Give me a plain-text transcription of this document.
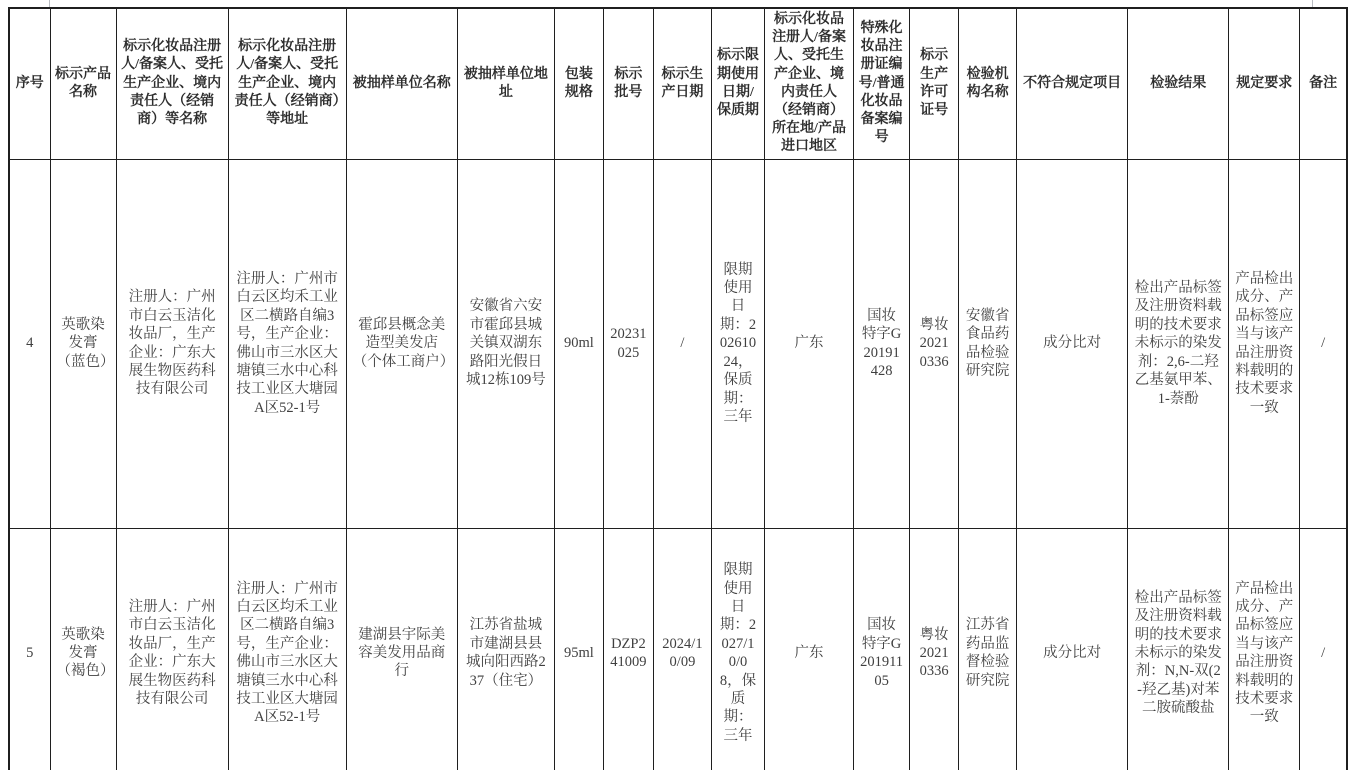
序号	标示产品名称	标示化妆品注册人/备案人、受托生产企业、境内责任人（经销商）等名称	标示化妆品注册人/备案人、受托生产企业、境内责任人（经销商）等地址	被抽样单位名称	被抽样单位地址	包装规格	标示批号	标示生产日期	标示限期使用日期/保质期	标示化妆品注册人/备案人、受托生产企业、境内责任人（经销商）所在地/产品进口地区	特殊化妆品注册证编号/普通化妆品备案编号	标示生产许可证号	检验机构名称	不符合规定项目	检验结果	规定要求	备注
4	英歌染发膏（蓝色）	注册人：广州市白云玉洁化妆品厂，生产企业：广东大展生物医药科技有限公司	注册人：广州市白云区均禾工业区二横路自编3号，生产企业：佛山市三水区大塘镇三水中心科技工业区大塘园A区52-1号	霍邱县概念美造型美发店（个体工商户）	安徽省六安市霍邱县城关镇双湖东路阳光假日城12栋109号	90ml	20231025	/	限期使用日期：20261024，保质期：三年	广东	国妆特字G20191428	粤妆20210336	安徽省食品药品检验研究院	成分比对	检出产品标签及注册资料载明的技术要求未标示的染发剂：2,6-二羟乙基氨甲苯、1-萘酚	产品检出成分、产品标签应当与该产品注册资料载明的技术要求一致	/
5	英歌染发膏（褐色）	注册人：广州市白云玉洁化妆品厂，生产企业：广东大展生物医药科技有限公司	注册人：广州市白云区均禾工业区二横路自编3号，生产企业：佛山市三水区大塘镇三水中心科技工业区大塘园A区52-1号	建湖县宇际美容美发用品商行	江苏省盐城市建湖县县城向阳西路237（住宅）	95ml	DZP241009	2024/10/09	限期使用日期：2027/10/08，保质期：三年	广东	国妆特字G20191105	粤妆20210336	江苏省药品监督检验研究院	成分比对	检出产品标签及注册资料载明的技术要求未标示的染发剂：N,N-双(2-羟乙基)对苯二胺硫酸盐	产品检出成分、产品标签应当与该产品注册资料载明的技术要求一致	/
